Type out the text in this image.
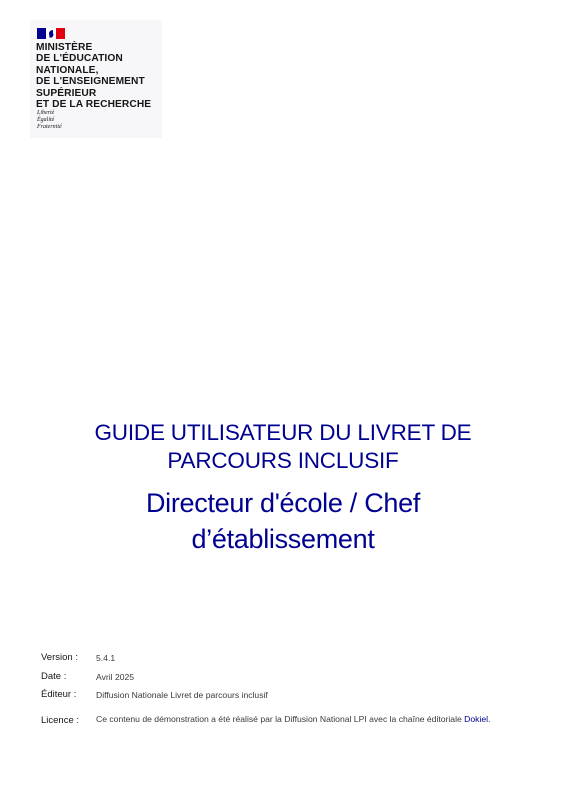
MINISTÈRE
DE L'ÉDUCATION
NATIONALE,
DE L'ENSEIGNEMENT
SUPÉRIEUR
ET DE LA RECHERCHE
Liberté
Égalité
Fraternité
GUIDE UTILISATEUR DU LIVRET DE
PARCOURS INCLUSIF
Directeur d'école / Chef
d’établissement
Version : 5.4.1
Date :	Avril 2025
Éditeur : Diffusion Nationale Livret de parcours inclusif
Licence : Ce contenu de démonstration a été réalisé par la Diffusion National LPI avec la chaîne éditoriale Dokiel.
